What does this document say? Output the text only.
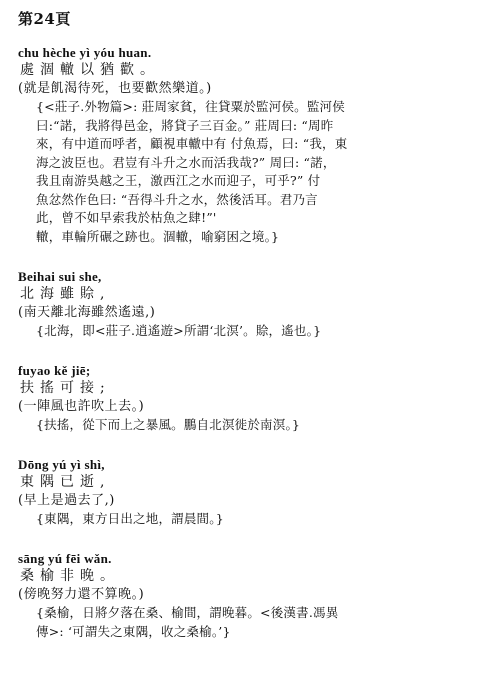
第24頁
chu hèche yì yóu huan.
處涸轍以猶歡。
(就是飢渴待死，也要歡然樂道。)
{<莊子.外物篇>: 莊周家貧，往貸粟於監河侯。監河侯
曰:“諾，我將得邑金，將貸子三百金。” 莊周曰: “周昨
來，有中道而呼者，顧視車轍中有 付魚焉，曰: “我，東
海之波臣也。君豈有斗升之水而活我哉?” 周曰: “諾，
我且南游吳越之王，激西江之水而迎子，可乎?” 付
魚忿然作色曰: “吾得斗升之水，然後活耳。君乃言
此，曾不如早索我於枯魚之肆!”'
轍，車輪所碾之跡也。涸轍，喻窮困之境。}
Beihai sui she,
北海雖賒,
(南天離北海雖然遙遠,)
{北海，即<莊子.逍遙遊>所謂‘北溟’。賒，遙也。}
fuyao kě jiē;
扶搖可接;
(一陣風也許吹上去。)
{扶搖，從下而上之暴風。鵬自北溟徙於南溟。}
Dōng yú yì shì,
東隅已逝,
(早上是過去了,)
{東隅，東方日出之地，謂晨間。}
sāng yú fēi wǎn.
桑榆非晚。
(傍晚努力還不算晚。)
{桑榆，日將夕落在桑、榆間，謂晚暮。<後漢書.馮異
傳>: ‘可謂失之東隅，收之桑榆。’}
